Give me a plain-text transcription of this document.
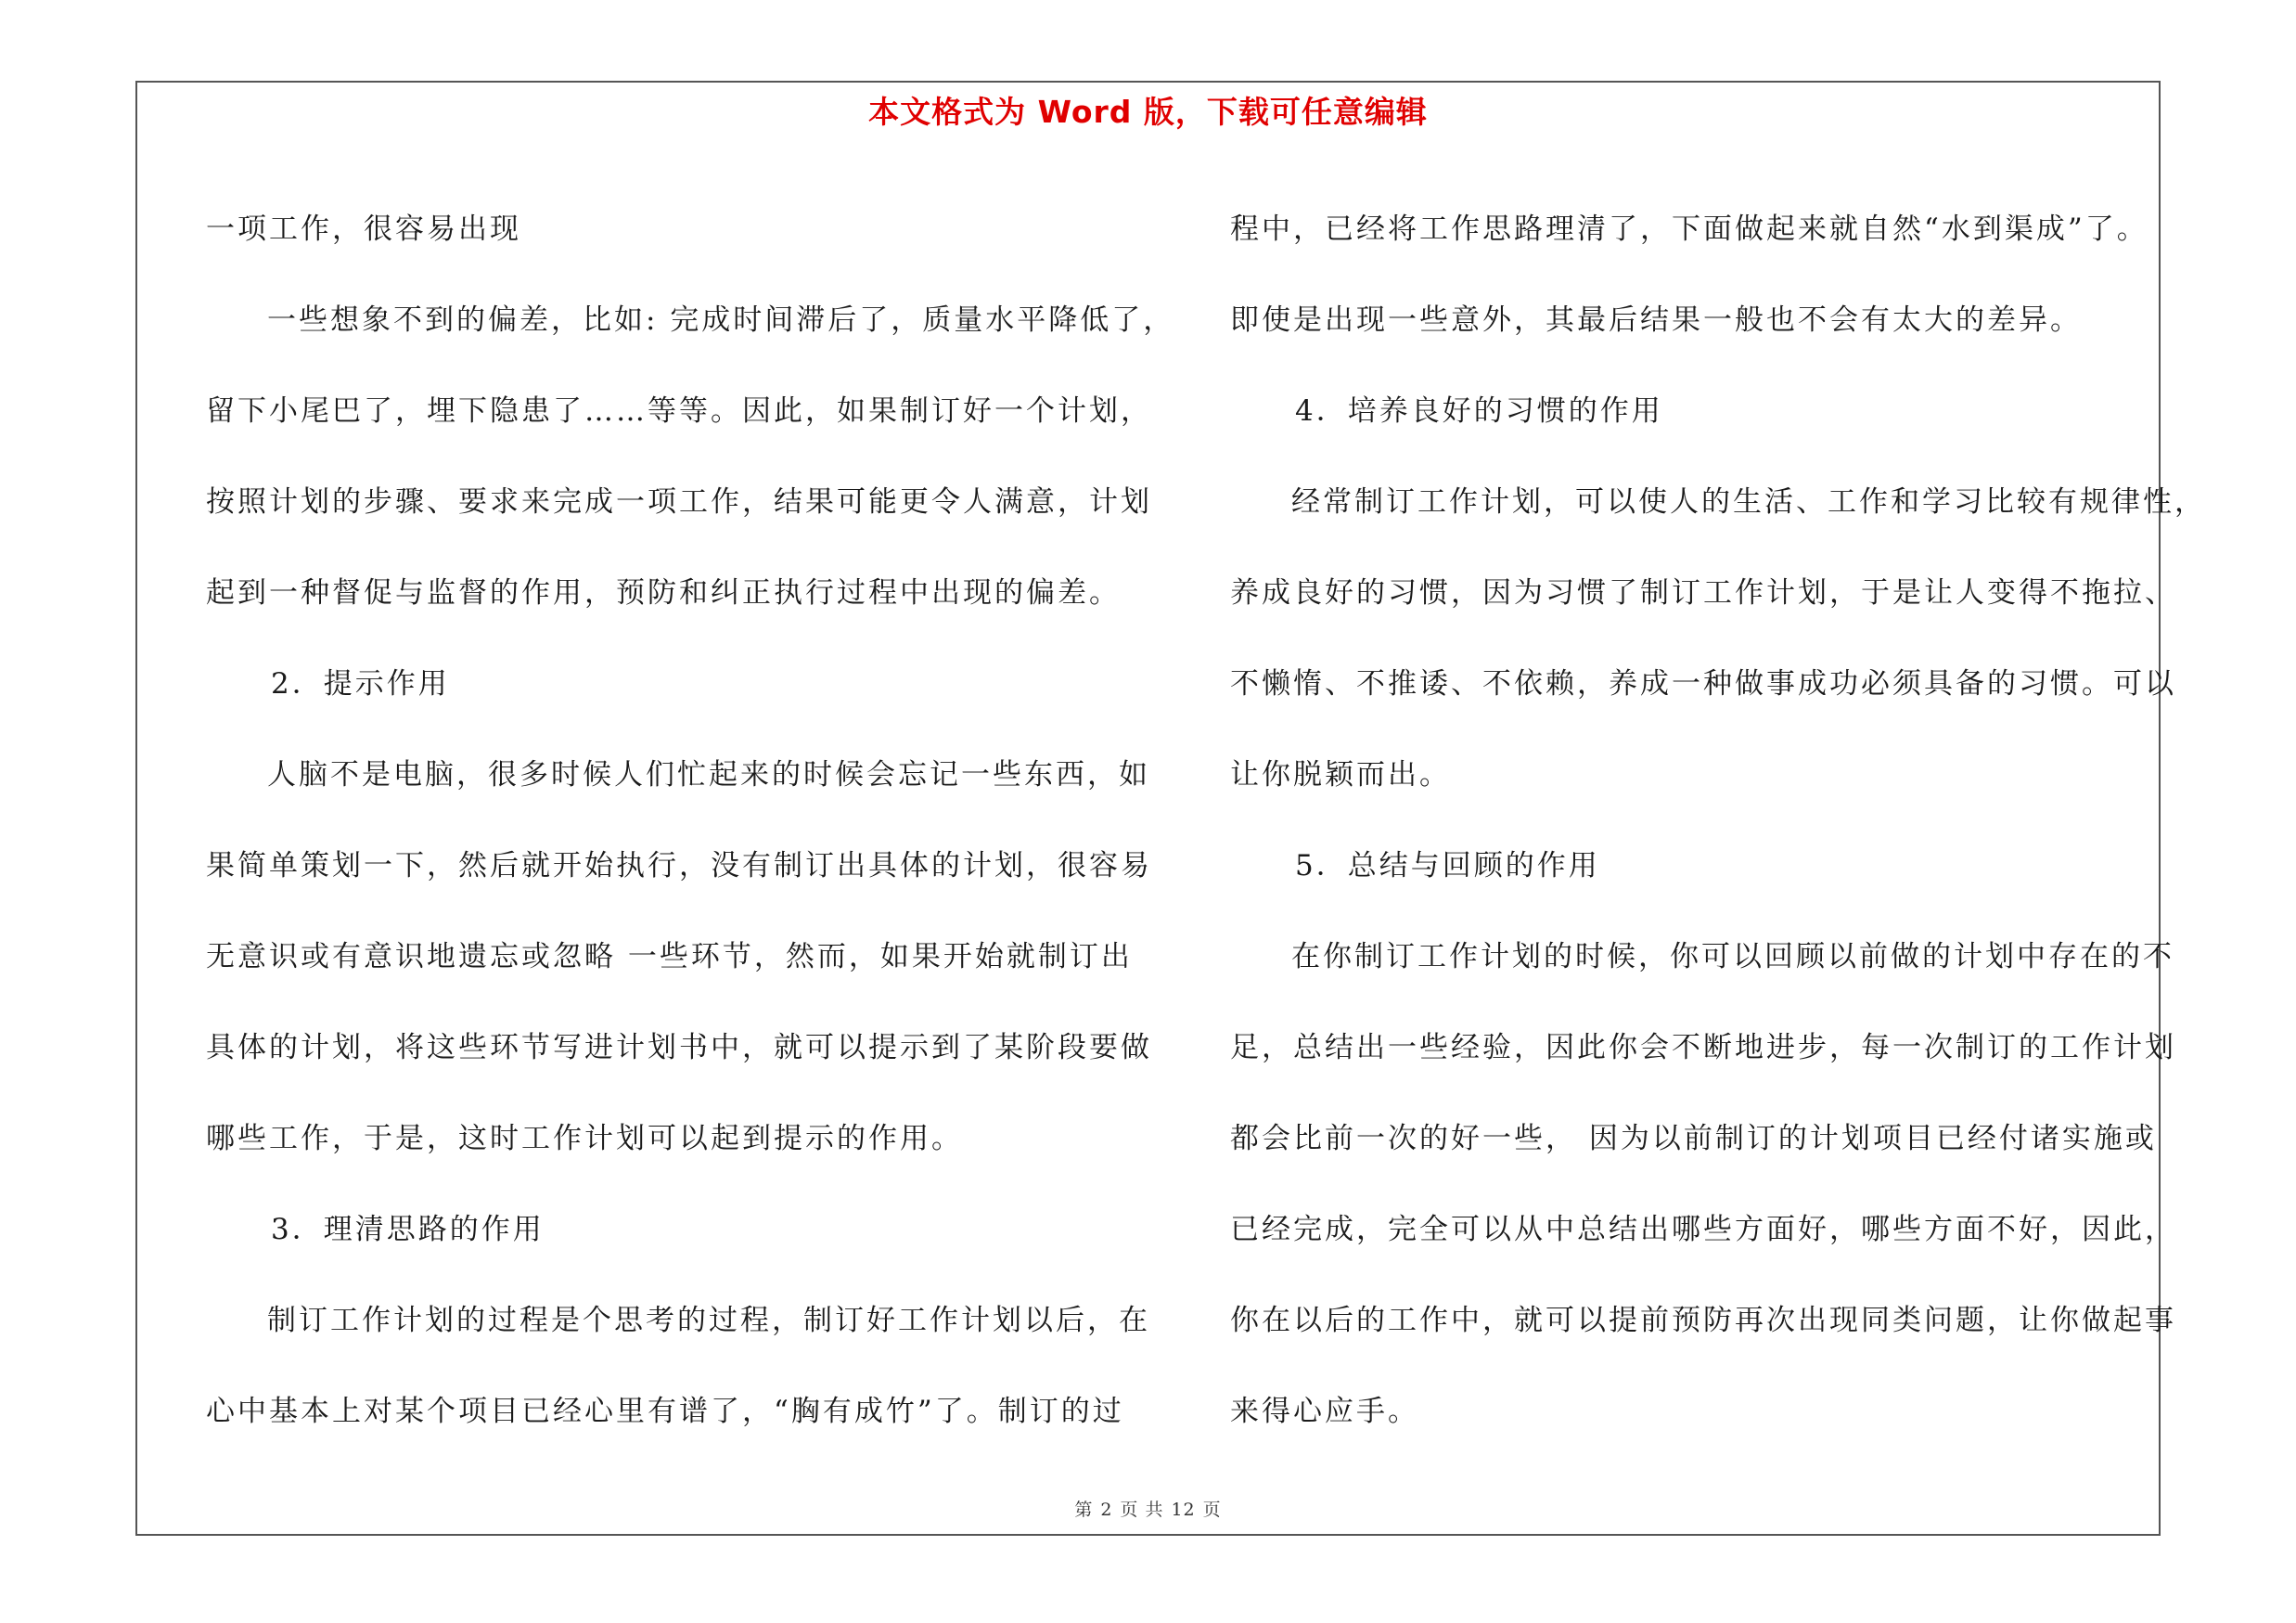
本文格式为 Word 版，下载可任意编辑
一项工作，很容易出现
一些想象不到的偏差，比如: 完成时间滞后了，质量水平降低了，
留下小尾巴了，埋下隐患了……等等。因此，如果制订好一个计划，
按照计划的步骤、要求来完成一项工作，结果可能更令人满意，计划
起到一种督促与监督的作用，预防和纠正执行过程中出现的偏差。
2．提示作用
人脑不是电脑，很多时候人们忙起来的时候会忘记一些东西，如
果简单策划一下，然后就开始执行，没有制订出具体的计划，很容易
无意识或有意识地遗忘或忽略 一些环节，然而，如果开始就制订出
具体的计划，将这些环节写进计划书中，就可以提示到了某阶段要做
哪些工作，于是，这时工作计划可以起到提示的作用。
3．理清思路的作用
制订工作计划的过程是个思考的过程，制订好工作计划以后，在
心中基本上对某个项目已经心里有谱了，“胸有成竹”了。制订的过
程中，已经将工作思路理清了，下面做起来就自然“水到渠成”了。
即使是出现一些意外，其最后结果一般也不会有太大的差异。
4．培养良好的习惯的作用
经常制订工作计划，可以使人的生活、工作和学习比较有规律性，
养成良好的习惯，因为习惯了制订工作计划，于是让人变得不拖拉、
不懒惰、不推诿、不依赖，养成一种做事成功必须具备的习惯。可以
让你脱颖而出。
5．总结与回顾的作用
在你制订工作计划的时候，你可以回顾以前做的计划中存在的不
足，总结出一些经验，因此你会不断地进步，每一次制订的工作计划
都会比前一次的好一些， 因为以前制订的计划项目已经付诸实施或
已经完成，完全可以从中总结出哪些方面好，哪些方面不好，因此，
你在以后的工作中，就可以提前预防再次出现同类问题，让你做起事
来得心应手。
第 2 页 共 12 页
